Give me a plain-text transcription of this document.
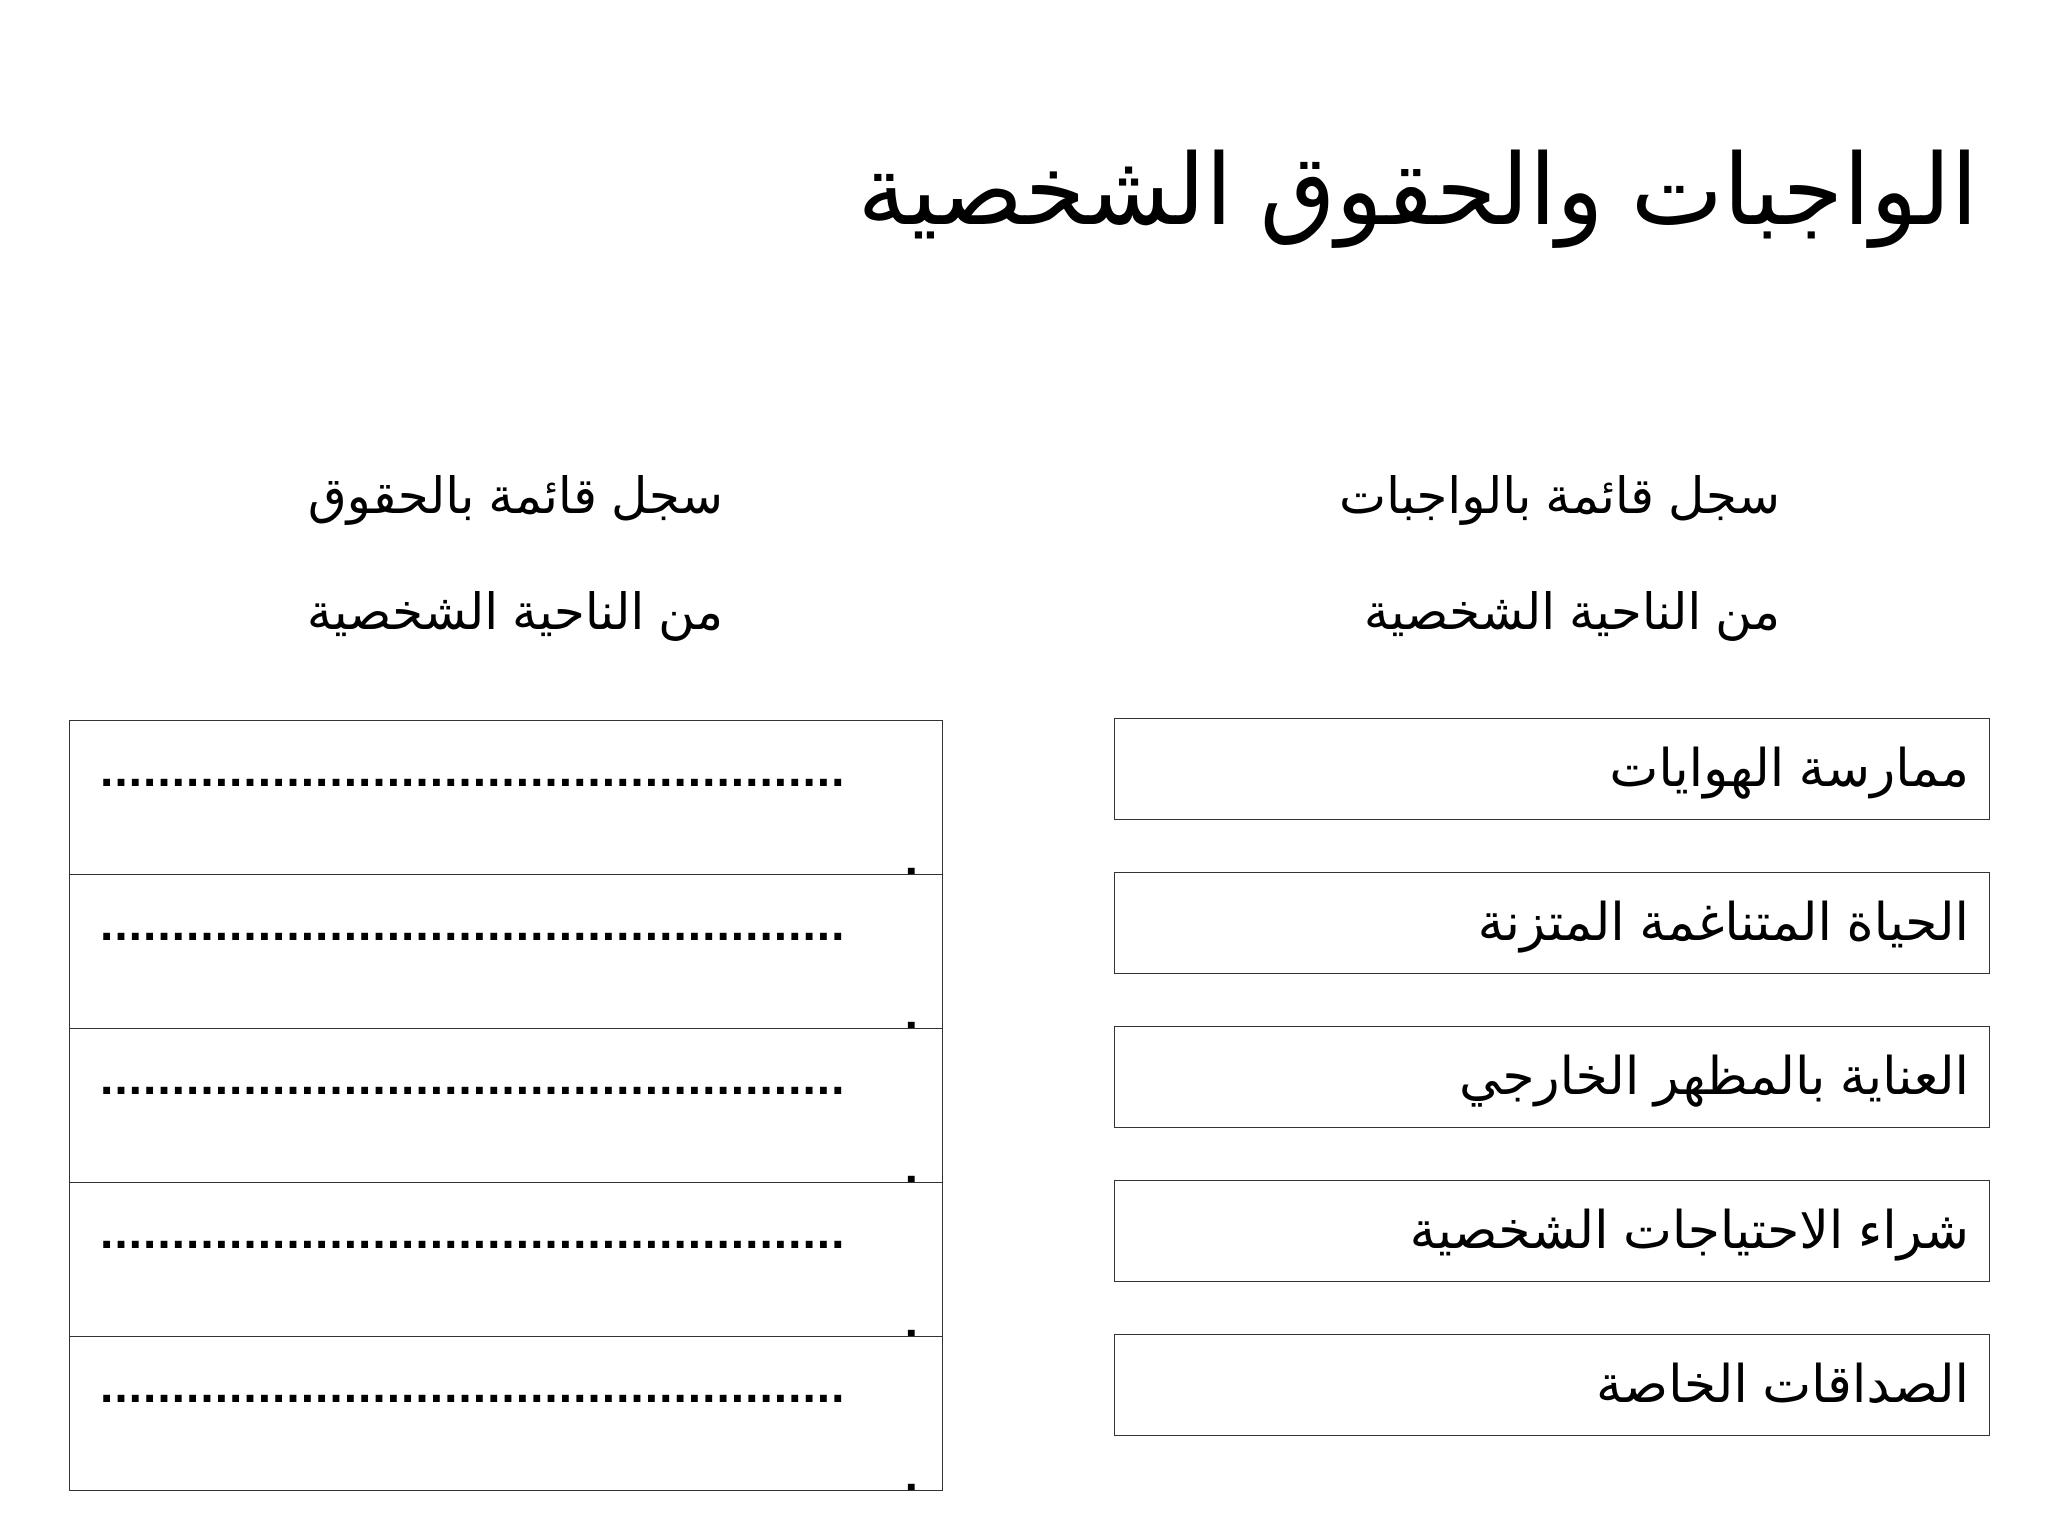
الواجبات والحقوق الشخصية
سجل قائمة بالواجبات
من الناحية الشخصية
سجل قائمة بالحقوق
من الناحية الشخصية
ممارسة الهوايات
الحياة المتناغمة المتزنة
العناية بالمظهر الخارجي
شراء الاحتياجات الشخصية
الصداقات الخاصة
....................................................
.
....................................................
.
....................................................
.
....................................................
.
....................................................
.
